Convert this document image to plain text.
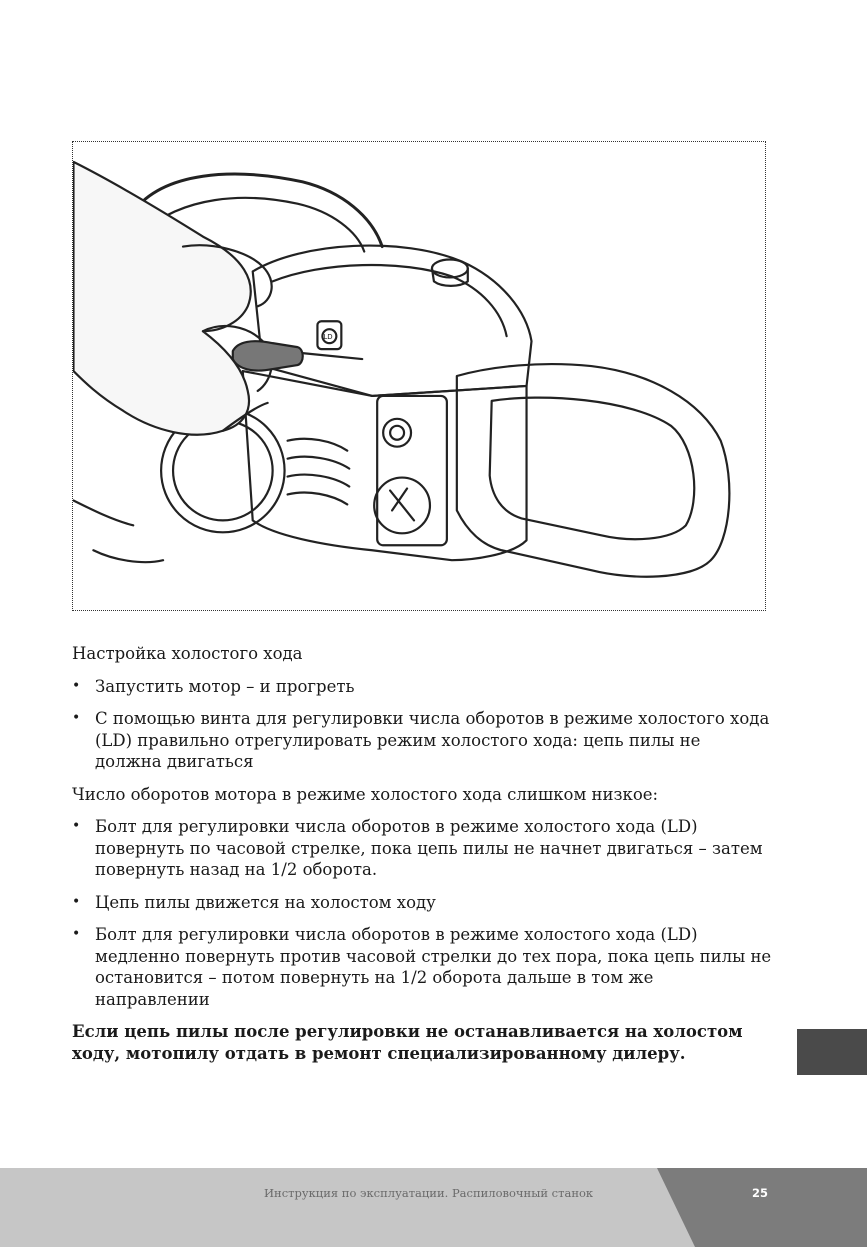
LD

Настройка холостого хода

• Запустить мотор – и прогреть
• С помощью винта для регулировки числа оборотов в режиме холостого хода (LD) правильно отрегулировать режим холостого хода: цепь пилы не должна двигаться

Число оборотов мотора в режиме холостого хода слишком низкое:

• Болт для регулировки числа оборотов в режиме холостого хода (LD) повернуть по часовой стрелке, пока цепь пилы не начнет двигаться – затем повернуть назад на 1/2 оборота.
• Цепь пилы движется на холостом ходу
• Болт для регулировки числа оборотов в режиме холостого хода (LD) медленно повернуть против часовой стрелки до тех пора, пока цепь пилы не остановится – потом повернуть на 1/2 оборота дальше в том же направлении

Если цепь пилы после регулировки не останавливается на холостом ходу, мотопилу отдать в ремонт специализированному дилеру.

Инструкция по эксплуатации. Распиловочный станок	25
